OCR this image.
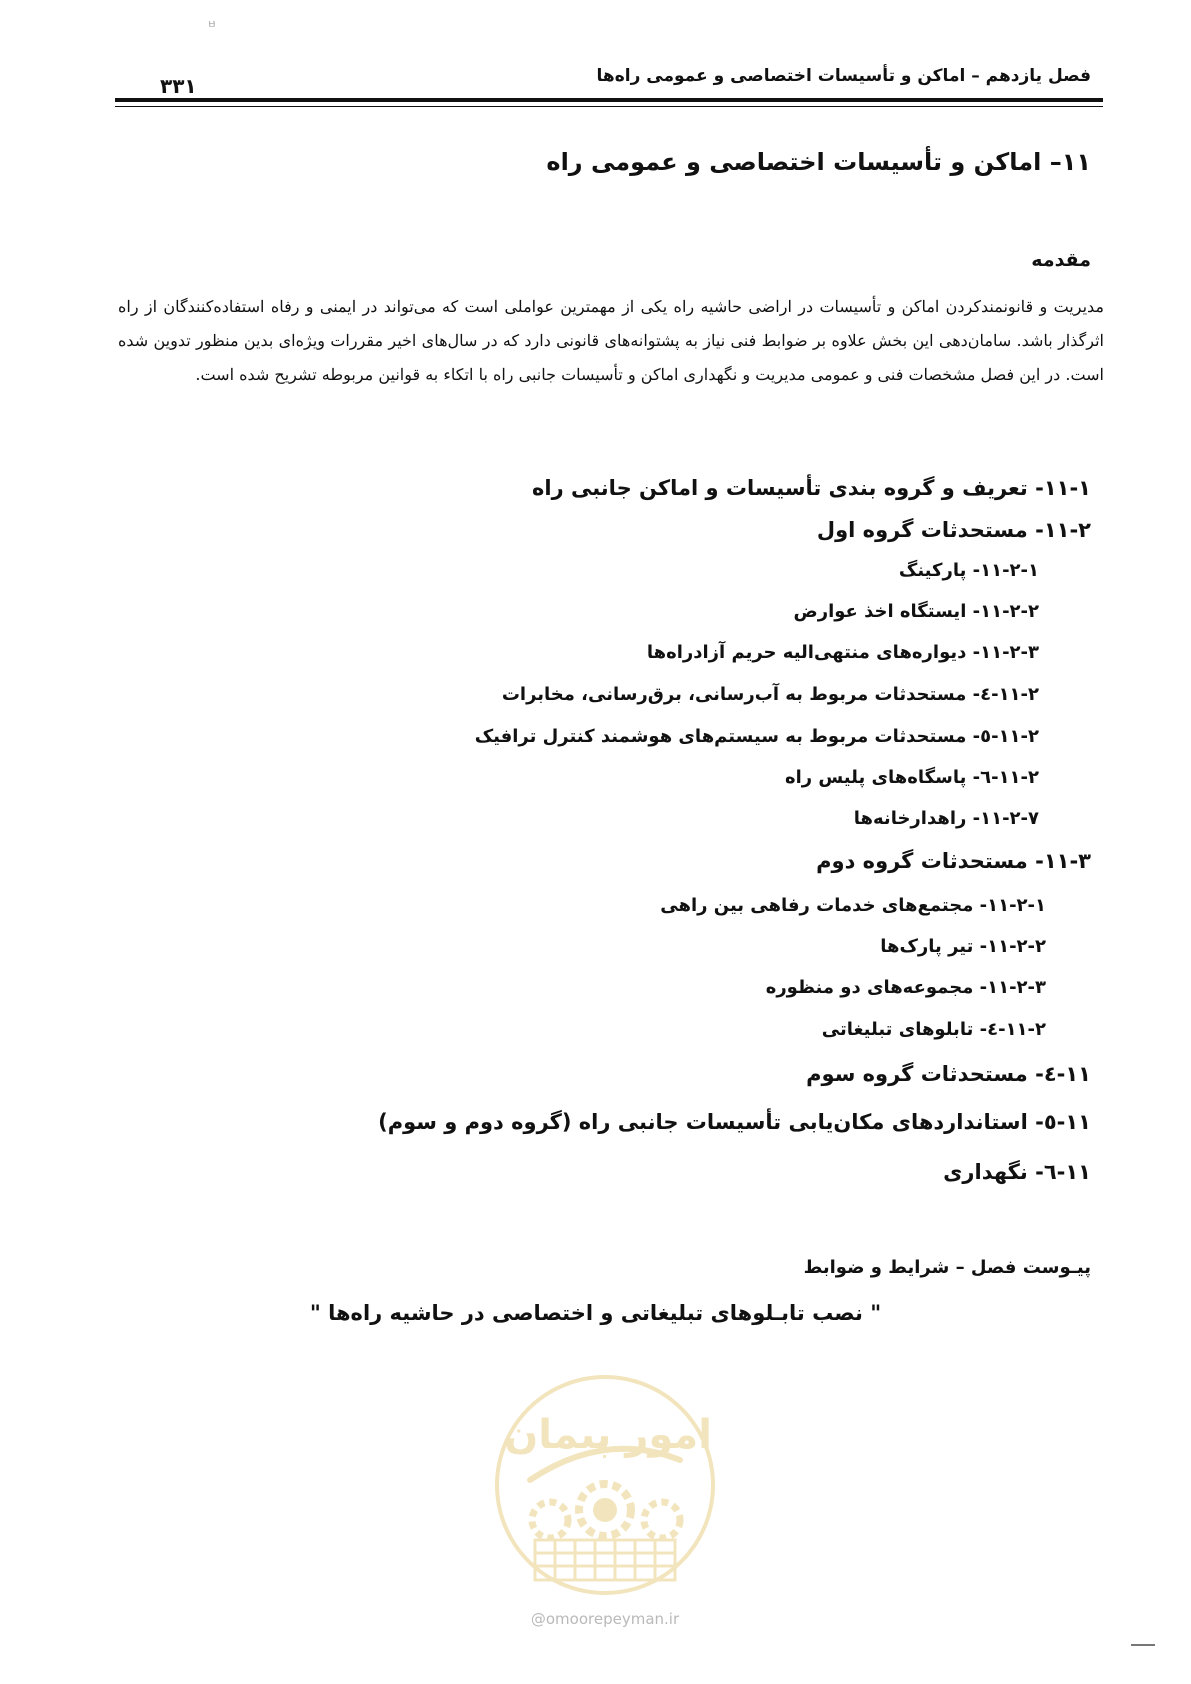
ㅂ
فصل یازدهم – اماکن و تأسیسات اختصاصی و عمومی راه‌ها
۳۳۱
۱۱– اماکن و تأسیسات اختصاصی و عمومی راه
مقدمه
مدیریت و قانونمندکردن اماکن و تأسیسات در اراضی حاشیه راه یکی از مهمترین عواملی است که می‌تواند در ایمنی و رفاه استفاده‌کنندگان از راه اثرگذار باشد. سامان‌دهی این بخش علاوه بر ضوابط فنی نیاز به پشتوانه‌های قانونی دارد که در سال‌های اخیر مقررات ویژه‌ای بدین منظور تدوین شده است. در این فصل مشخصات فنی و عمومی مدیریت و نگهداری اماکن و تأسیسات جانبی راه با اتکاء به قوانین مربوطه تشریح شده است.
۱۱-۱- تعریف و گروه بندی تأسیسات و اماکن جانبی راه
۱۱-۲- مستحدثات گروه اول
۱۱-۲-۱- پارکینگ
۱۱-۲-۲- ایستگاه اخذ عوارض
۱۱-۲-۳- دیواره‌های منتهی‌الیه حریم آزادراه‌ها
۱۱-۲-٤- مستحدثات مربوط به آب‌رسانی، برق‌رسانی، مخابرات
۱۱-۲-٥- مستحدثات مربوط به سیستم‌های هوشمند کنترل ترافیک
۱۱-۲-٦- پاسگاه‌های پلیس راه
۱۱-۲-۷- راهدارخانه‌ها
۱۱-۳- مستحدثات گروه دوم
۱۱-۲-۱- مجتمع‌های خدمات رفاهی بین راهی
۱۱-۲-۲- تیر پارک‌ها
۱۱-۲-۳- مجموعه‌های دو منظوره
۱۱-۲-٤- تابلوهای تبلیغاتی
۱۱-٤- مستحدثات گروه سوم
۱۱-٥- استانداردهای مکان‌یابی تأسیسات جانبی راه (گروه دوم و سوم)
۱۱-٦- نگهداری
پیـوست فصل – شرایط و ضوابط
" نصب تابـلوهای تبلیغاتی و اختصاصی در حاشیه راه‌ها "
امور پیمان
@omoorepeyman.ir
